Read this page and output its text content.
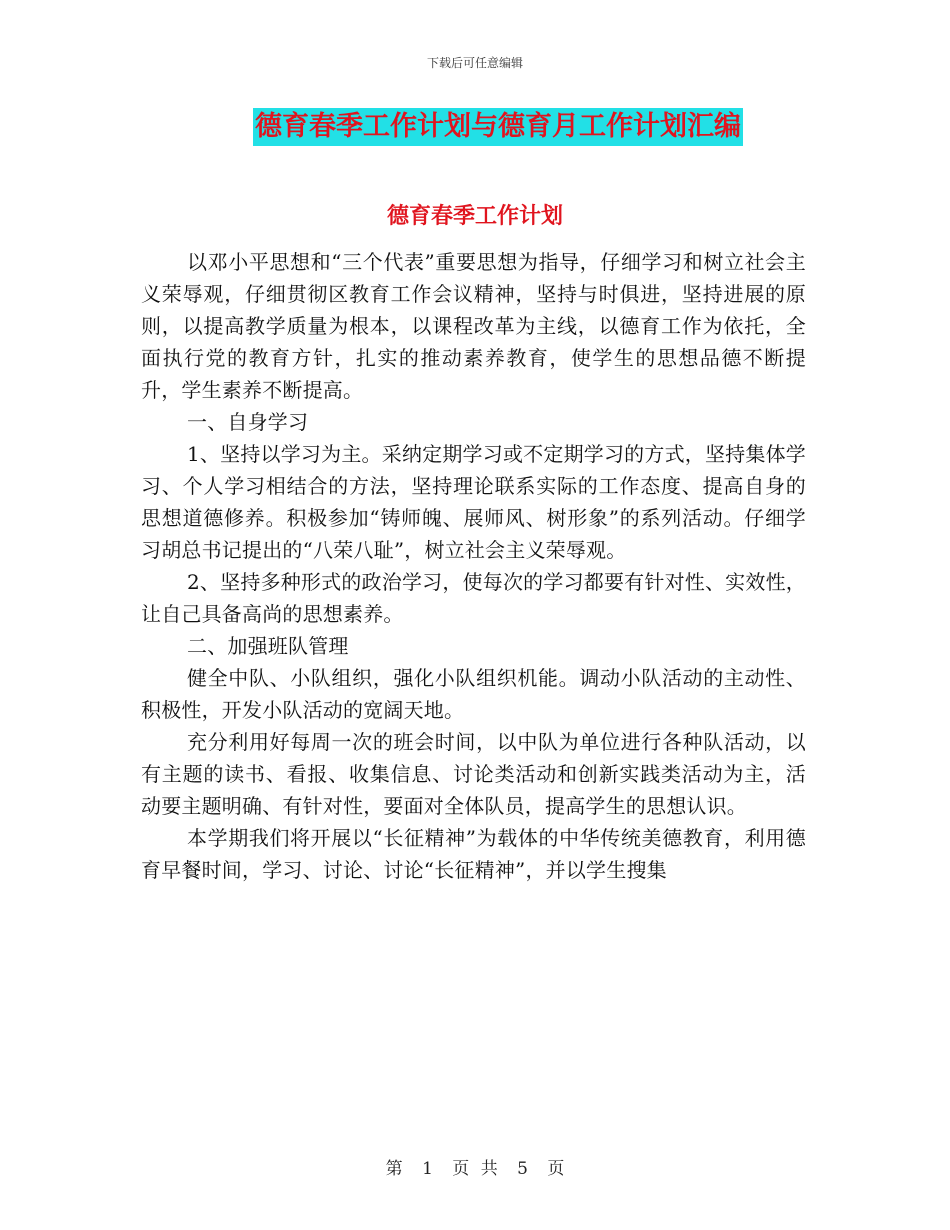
下载后可任意编辑
德育春季工作计划与德育月工作计划汇编
德育春季工作计划

以邓小平思想和“三个代表”重要思想为指导，仔细学习和树立社会主义荣辱观，仔细贯彻区教育工作会议精神，坚持与时俱进，坚持进展的原则，以提高教学质量为根本，以课程改革为主线，以德育工作为依托，全面执行党的教育方针，扎实的推动素养教育，使学生的思想品德不断提升，学生素养不断提高。

一、自身学习

1、坚持以学习为主。采纳定期学习或不定期学习的方式，坚持集体学习、个人学习相结合的方法，坚持理论联系实际的工作态度、提高自身的思想道德修养。积极参加“铸师魄、展师风、树形象”的系列活动。仔细学习胡总书记提出的“八荣八耻”，树立社会主义荣辱观。

2、坚持多种形式的政治学习，使每次的学习都要有针对性、实效性，让自己具备高尚的思想素养。

二、加强班队管理

健全中队、小队组织，强化小队组织机能。调动小队活动的主动性、积极性，开发小队活动的宽阔天地。

充分利用好每周一次的班会时间，以中队为单位进行各种队活动，以有主题的读书、看报、收集信息、讨论类活动和创新实践类活动为主，活动要主题明确、有针对性，要面对全体队员，提高学生的思想认识。

本学期我们将开展以“长征精神”为载体的中华传统美德教育，利用德育早餐时间，学习、讨论、讨论“长征精神”，并以学生搜集

第 1 页 共 5 页
